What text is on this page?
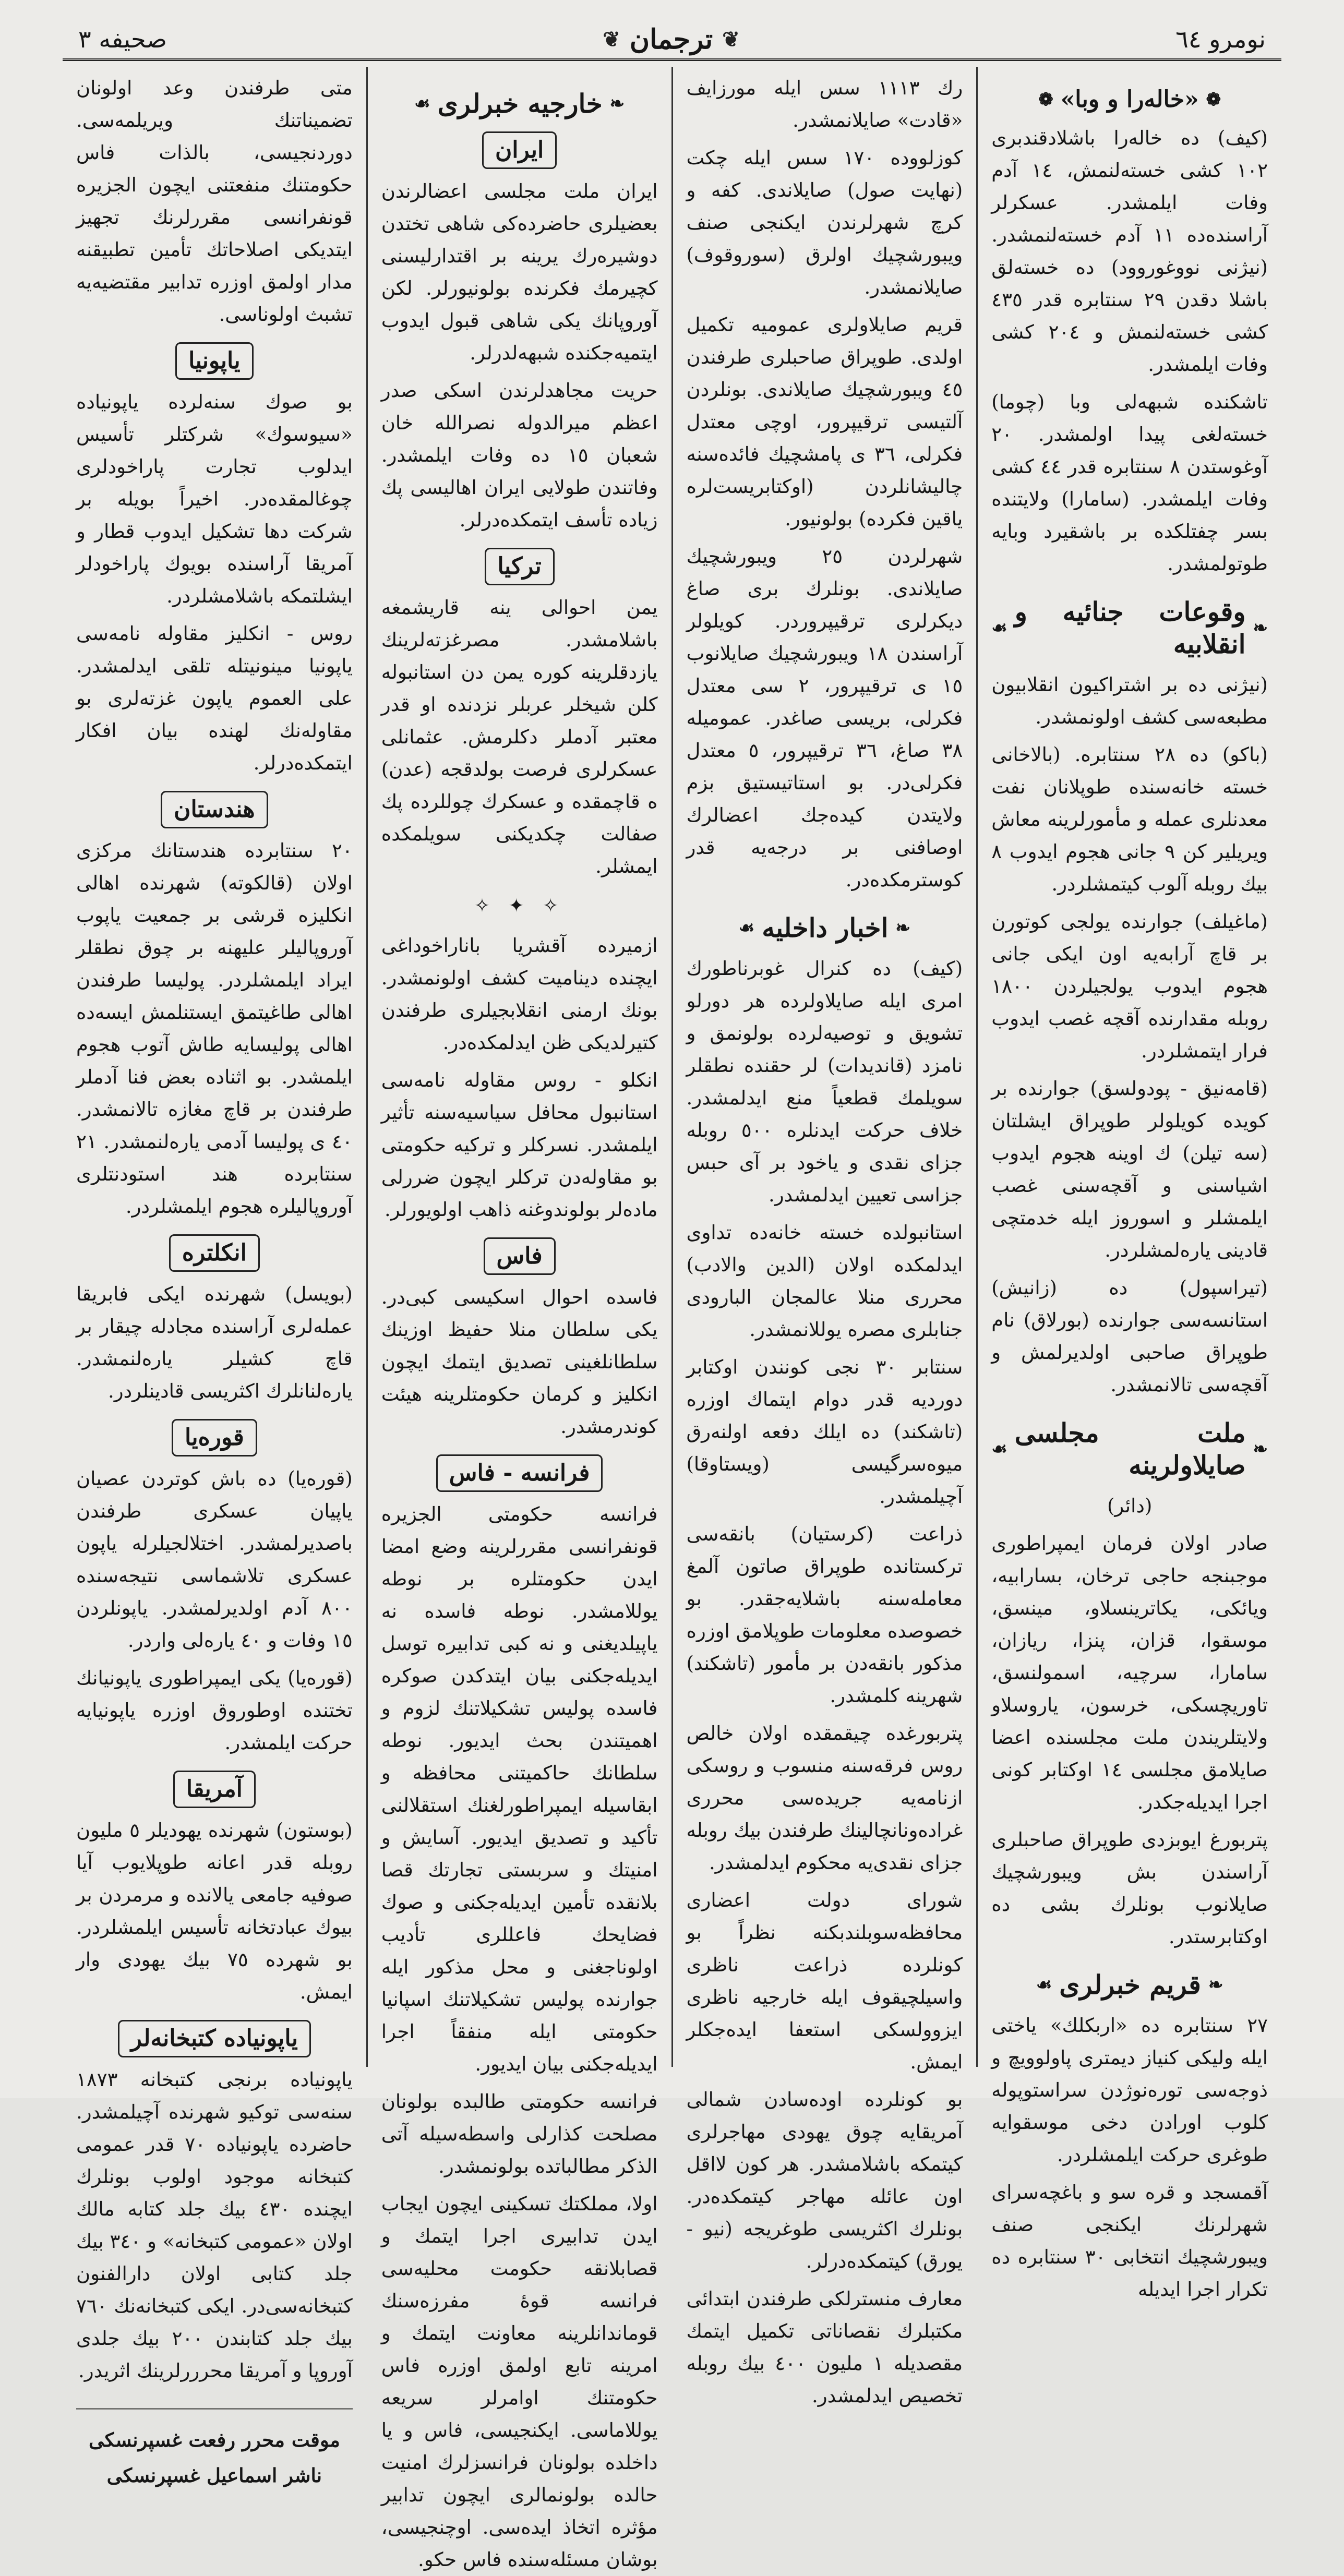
نومرو ٦٤
❦
ترجمان
❦
صحيفه ٣
❁
«خاله‌را و وبا»
❁

(كيف) ده خاله‌را باشلادقندبری ١٠٢ كشی خسته‌لنمش، ١٤ آدم وفات ايلمشدر. عسكرلر آراسنده‌ده ١١ آدم خسته‌لنمشدر. (نيژنی نووغوروود) ده خسته‌لق باشلا دقدن ٢٩ سنتابره قدر ٤٣٥ كشی خسته‌لنمش و ٢٠٤ كشی وفات ايلمشدر.

تاشكنده شبهه‌لی وبا (چوما) خسته‌لغی پيدا اولمشدر. ٢٠ آوغوستدن ٨ سنتابره قدر ٤٤ كشی وفات ايلمشدر. (سامارا) ولايتنده بسر چفتلكده بر باشقيرد وبايه طوتولمشدر.

❧
وقوعات جنائيه و انقلابيه
☙

(نيژنی ده بر اشتراكيون انقلابيون مطبعه‌سی كشف اولونمشدر.

(باكو) ده ٢٨ سنتابره. (بالاخانی خسته خانه‌سنده طوپلانان نفت معدنلری عمله و مأمورلرينه معاش ويريلير كن ٩ جانی هجوم ايدوب ٨ بيك روبله آلوب كيتمشلردر.

(ماغيلف) جوارنده يولجی كوتورن بر قاچ آرابه‌يه اون ايكی جانی هجوم ايدوب يولجيلردن ١٨٠٠ روبله مقدارنده آقچه غصب ايدوب فرار ايتمشلردر.

(قامه‌نيق - پودولسق) جوارنده بر كويده كويلولر طوپراق ايشلتان (سه تيلن) ك اوينه هجوم ايدوب اشياسنی و آقچه‌سنی غصب ايلمشلر و اسوروز ايله خدمتچی قادينی ياره‌لمشلردر.

(تيراسپول) ده (زانيش) استانسه‌سی جوارنده (بورلاق) نام طوپراق صاحبی اولديرلمش و آقچه‌سی تالانمشدر.

❧
ملت مجلسی صايلاولرينه
☙

(دائر)

صادر اولان فرمان ايمپراطوری موجبنجه حاجی ترخان، بسارابيه، ويائكی، يكاترينسلاو، مينسق، موسقوا، قزان، پنزا، ريازان، سامارا، سرچيه، اسمولنسق، تاوريچسكی، خرسون، ياروسلاو ولايتلريندن ملت مجلسنده اعضا صايلامق مجلسی ١٤ اوكتابر كونی اجرا ايديله‌جكدر.

پتربورغ ايوبزدی طوپراق صاحبلری آراسندن بش ويبورشچيك صايلانوب بونلرك بشی ده اوكتابرستدر.

❧
قريم خبرلری
☙

٢٧ سنتابره ده «اربكلك» ياختی ايله وليكی كنياز ديمتری پاولوويچ و ذوجه‌سی توره‌نوژدن سراستوپوله كلوب اورادن دخی موسقوايه طوغری حركت ايلمشلردر.

آقمسجد و قره سو و باغچه‌سرای شهرلرنك ايكنجی صنف ويبورشچيك انتخابی ٣٠ سنتابره ده تكرار اجرا ايديله‌

رك ١١١٣ سس ايله مورزايف «قادت» صايلانمشدر.

كوزلووده ١٧٠ سس ايله چكت (نهايت صول) صايلاندی. كفه و كرچ شهرلرندن ايكنجی صنف ويبورشچيك اولرق (سوروقوف) صايلانمشدر.

قريم صايلاولری عموميه تكميل اولدی. طوپراق صاحبلری طرفندن ٤٥ ويبورشچيك صايلاندی. بونلردن آلتيسی ترقيپرور، اوچی معتدل فكرلی، ٣٦ ی پامشچيك فائده‌سنه چاليشانلردن (اوكتابريست‌لره ياقين فكرده) بولونيور.

شهرلردن ٢٥ ويبورشچيك صايلاندی. بونلرك بری صاغ ديكرلری ترقيپروردر. كويلولر آراسندن ١٨ ويبورشچيك صايلانوب ١٥ ی ترقيپرور، ٢ سی معتدل فكرلی، بريسی صاغدر. عموميله ٣٨ صاغ، ٣٦ ترقيپرور، ٥ معتدل فكرلی‌در. بو استاتيستيق بزم ولايتدن كيده‌جك اعضالرك اوصافنی بر درجه‌يه قدر كوسترمكده‌در.

❧
اخبار داخليه
☙

(كيف) ده كنرال غوبرناطورك امری ايله صايلاولرده هر دورلو تشويق و توصيه‌لرده بولونمق و نامزد (قانديدات) لر حقنده نطقلر سويلمك قطعياً منع ايدلمشدر. خلاف حركت ايدنلره ٥٠٠ روبله جزای نقدی و ياخود بر آی حبس جزاسی تعيين ايدلمشدر.

استانبولده خسته خانه‌ده تداوی ايدلمكده اولان (الدين والادب) محرری منلا عالمجان البارودی جنابلری مصره يوللانمشدر.

سنتابر ٣٠ نجی كونندن اوكتابر دورديه قدر دوام ايتماك اوزره (تاشكند) ده ايلك دفعه اولنه‌رق ميوه‌سرگيسی (ويستاوقا) آچيلمشدر.

ذراعت (كرستيان) بانقه‌سی تركستانده طوپراق صاتون آلمغ معامله‌سنه باشلايه‌جقدر. بو خصوصده معلومات طوپلامق اوزره مذكور بانقه‌دن بر مأمور (تاشكند) شهرينه كلمشدر.

پتربورغده چيقمقده اولان خالص روس فرقه‌سنه منسوب و روسكی ازنامه‌يه جريده‌سی محرری غراده‌ونانچالينك طرفندن بيك روبله جزای نقدی‌يه محكوم ايدلمشدر.

شورای دولت اعضاری محافظه‌سوبلندبكنه نظراً بو كونلرده ذراعت ناظری واسيلچيقوف ايله خارجيه ناظری ايزوولسكی استعفا ايده‌جكلر ايمش.

بو كونلرده اوده‌سادن شمالی آمريقايه چوق يهودی مهاجرلری كيتمكه باشلامشدر. هر كون لااقل اون عائله مهاجر كيتمكده‌در. بونلرك اكثريسی طوغريجه (نيو - يورق) كيتمكده‌درلر.

معارف منسترلكی طرفندن ابتدائی مكتبلرك نقصاناتی تكميل ايتمك مقصديله ١ مليون ٤٠٠ بيك روبله تخصيص ايدلمشدر.

❧
خارجيه خبرلری
☙
ايران

ايران ملت مجلسی اعضالرندن بعضيلری حاضرده‌كی شاهی تختدن دوشيره‌رك يرينه بر اقتدارليسنی كچيرمك فكرنده بولونيورلر. لكن آوروپانك يكی شاهی قبول ايدوب ايتميه‌جكنده شبهه‌لدرلر.

حريت مجاهدلرندن اسكی صدر اعظم ميرالدوله نصرالله خان شعبان ١٥ ده وفات ايلمشدر. وفاتندن طولايی ايران اهاليسی پك زياده تأسف ايتمكده‌درلر.

تركيا

يمن احوالی ينه قاريشمغه باشلامشدر. مصرغزته‌لرينك يازدقلرينه كوره يمن دن استانبوله كلن شيخلر عربلر نزدنده او قدر معتبر آدملر دكلرمش. عثمانلی عسكرلری فرصت بولدقجه (عدن) ه قاچمقده و عسكرك چوللرده پك صفالت چكديكنی سويلمكده ايمشلر.

✧ ✦ ✧

ازميرده آقشريا باناراخوداغی ايچنده ديناميت كشف اولونمشدر. بونك ارمنی انقلابجيلری طرفندن كتيرلديكی ظن ايدلمكده‌در.

انكلو - روس مقاوله نامه‌سی استانبول محافل سياسيه‌سنه تأثير ايلمشدر. نسركلر و تركيه حكومتی بو مقاوله‌دن تركلر ايچون ضررلی ماده‌لر بولوندوغنه ذاهب اولويورلر.

فاس

فاسده احوال اسكيسی كبی‌در. يكی سلطان منلا حفيظ اوزينك سلطانلغينی تصديق ايتمك ايچون انكليز و كرمان حكومتلرينه هيئت كوندرمشدر.

فرانسه - فاس

فرانسه حكومتی الجزيره قونفرانسی مقررلرينه وضع امضا ايدن حكومتلره بر نوطه يوللامشدر. نوطه فاسده نه ياپيلديغنی و نه كبی تدابيره توسل ايديله‌جكنی بيان ايتدكدن صوكره فاسده پولیس تشكيلاتنك لزوم و اهميتندن بحث ايديور. نوطه سلطانك حاكميتنی محافظه و ابقاسيله ايمپراطورلغنك استقلالنی تأكيد و تصديق ايديور. آسايش و امنيتك و سربستی تجارتك قصا بلانقده تأمين ايديله‌جكنی و صوك فضايحك فاعللری تأديب اولوناجغنی و محل مذكور ايله جوارنده پولیس تشكيلاتنك اسپانيا حكومتی ايله منفقاً اجرا ايديله‌جكنی بيان ايديور.

فرانسه حكومتی طالبده بولونان مصلحت كذارلی واسطه‌سيله آتی الذكر مطالباتده بولونمشدر.

اولا، مملكتك تسكينی ايچون ايجاب ايدن تدابيری اجرا ايتمك و قصابلانقه حكومت محليه‌سی فرانسه قوهٔ مفرزه‌سنك قوماندانلرينه معاونت ايتمك و امرينه تابع اولمق اوزره فاس حكومتنك اوامرلر سريعه يوللاماسی. ايكنجيسی، فاس و يا داخلده بولونان فرانسزلرك امنيت حالده بولونمالری ايچون تدابير مؤثره اتخاذ ايده‌سی. اوچنجيسی، بوشان مسئله‌سنده فاس حكو.

متی طرفندن وعد اولونان تضميناتنك ويريلمه‌سی. دوردنجيسی، بالذات فاس حكومتنك منفعتنی ايچون الجزيره قونفرانسی مقررلرنك تجهيز ايتديكی اصلاحاتك تأمين تطبيقنه مدار اولمق اوزره تدابير مقتضيه‌يه تشبث اولوناسی.

ياپونيا

بو صوك سنه‌لرده ياپونياده «سيوسوك» شركتلر تأسيس ايدلوب تجارت پاراخودلری چوغالمقده‌در. اخيراً بويله بر شركت دها تشكيل ايدوب قطار و آمريقا آراسنده بويوك پاراخودلر ايشلتمكه باشلامشلردر.

روس - انكليز مقاوله نامه‌سی ياپونيا مينونيتله تلقی ايدلمشدر. علی العموم ياپون غزته‌لری بو مقاوله‌نك لهنده بيان افكار ايتمكده‌درلر.

هندستان

٢٠ سنتابرده هندستانك مركزی اولان (قالكوته) شهرنده اهالی انكليزه قرشی بر جمعيت ياپوب آوروپاليلر عليهنه بر چوق نطقلر ايراد ايلمشلردر. پوليسا طرفندن اهالی طاغيتمق ايستنلمش ايسه‌ده اهالی پوليسايه طاش آتوب هجوم ايلمشدر. بو اثناده بعض فنا آدملر طرفندن بر قاچ مغازه تالانمشدر. ٤٠ ی پوليسا آدمی ياره‌لنمشدر. ٢١ سنتابرده هند استودنتلری آوروپاليلره هجوم ايلمشلردر.

انكلتره

(بويسل) شهرنده ايكی فابريقا عمله‌لری آراسنده مجادله چيقار بر قاچ كشيلر ياره‌لنمشدر. ياره‌لنانلرك اكثريسی قادينلردر.

قوره‌يا

(قوره‌يا) ده باش كوتردن عصيان ياپيان عسكری طرفندن باصديرلمشدر. اختلالجيلرله ياپون عسكری تلاشماسی نتيجه‌سنده ٨٠٠ آدم اولديرلمشدر. ياپونلردن ١٥ وفات و ٤٠ ياره‌لی واردر.

(قوره‌يا) يكی ايمپراطوری ياپونيانك تختنده اوطوروق اوزره ياپونيايه حركت ايلمشدر.

آمريقا

(بوستون) شهرنده يهوديلر ٥ مليون روبله قدر اعانه طوپلايوب آيا صوفيه جامعی يالانده و مرمردن بر بيوك عبادتخانه تأسيس ايلمشلردر. بو شهرده ٧٥ بيك يهودی وار ايمش.

ياپونياده كتبخانه‌لر

ياپونياده برنجی كتبخانه ١٨٧٣ سنه‌سی توكيو شهرنده آچيلمشدر. حاضرده ياپونياده ٧٠ قدر عمومی كتبخانه موجود اولوب بونلرك ايچنده ٤٣٠ بيك جلد كتابه مالك اولان «عمومی كتبخانه» و ٣٤٠ بيك جلد كتابی اولان دارالفنون كتبخانه‌سی‌در. ايكی كتبخانه‌نك ٧٦٠ بيك جلد كتابندن ٢٠٠ بيك جلدی آوروپا و آمريقا محرررلرينك اثريدر.

موقت محرر رفعت غسپرنسكی

ناشر اسماعيل غسپرنسكی
